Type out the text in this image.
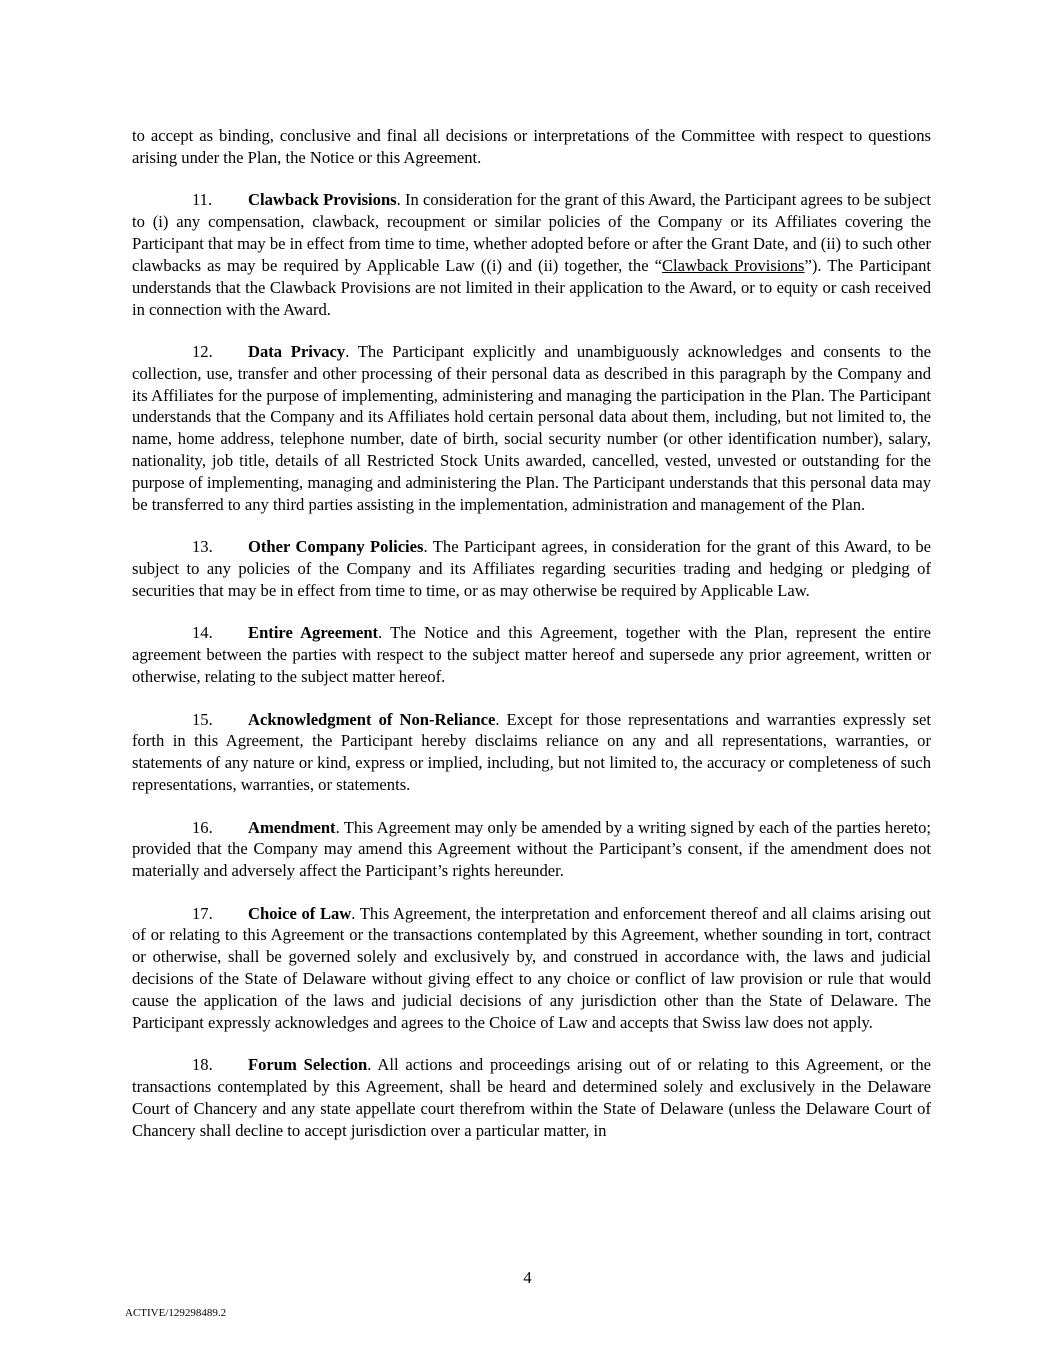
to accept as binding, conclusive and final all decisions or interpretations of the Committee with respect to questions arising under the Plan, the Notice or this Agreement.

11. Clawback Provisions. In consideration for the grant of this Award, the Participant agrees to be subject to (i) any compensation, clawback, recoupment or similar policies of the Company or its Affiliates covering the Participant that may be in effect from time to time, whether adopted before or after the Grant Date, and (ii) to such other clawbacks as may be required by Applicable Law ((i) and (ii) together, the “Clawback Provisions”). The Participant understands that the Clawback Provisions are not limited in their application to the Award, or to equity or cash received in connection with the Award.

12. Data Privacy. The Participant explicitly and unambiguously acknowledges and consents to the collection, use, transfer and other processing of their personal data as described in this paragraph by the Company and its Affiliates for the purpose of implementing, administering and managing the participation in the Plan. The Participant understands that the Company and its Affiliates hold certain personal data about them, including, but not limited to, the name, home address, telephone number, date of birth, social security number (or other identification number), salary, nationality, job title, details of all Restricted Stock Units awarded, cancelled, vested, unvested or outstanding for the purpose of implementing, managing and administering the Plan. The Participant understands that this personal data may be transferred to any third parties assisting in the implementation, administration and management of the Plan.

13. Other Company Policies. The Participant agrees, in consideration for the grant of this Award, to be subject to any policies of the Company and its Affiliates regarding securities trading and hedging or pledging of securities that may be in effect from time to time, or as may otherwise be required by Applicable Law.

14. Entire Agreement. The Notice and this Agreement, together with the Plan, represent the entire agreement between the parties with respect to the subject matter hereof and supersede any prior agreement, written or otherwise, relating to the subject matter hereof.

15. Acknowledgment of Non-Reliance. Except for those representations and warranties expressly set forth in this Agreement, the Participant hereby disclaims reliance on any and all representations, warranties, or statements of any nature or kind, express or implied, including, but not limited to, the accuracy or completeness of such representations, warranties, or statements.

16. Amendment. This Agreement may only be amended by a writing signed by each of the parties hereto; provided that the Company may amend this Agreement without the Participant’s consent, if the amendment does not materially and adversely affect the Participant’s rights hereunder.

17. Choice of Law. This Agreement, the interpretation and enforcement thereof and all claims arising out of or relating to this Agreement or the transactions contemplated by this Agreement, whether sounding in tort, contract or otherwise, shall be governed solely and exclusively by, and construed in accordance with, the laws and judicial decisions of the State of Delaware without giving effect to any choice or conflict of law provision or rule that would cause the application of the laws and judicial decisions of any jurisdiction other than the State of Delaware. The Participant expressly acknowledges and agrees to the Choice of Law and accepts that Swiss law does not apply.

18. Forum Selection. All actions and proceedings arising out of or relating to this Agreement, or the transactions contemplated by this Agreement, shall be heard and determined solely and exclusively in the Delaware Court of Chancery and any state appellate court therefrom within the State of Delaware (unless the Delaware Court of Chancery shall decline to accept jurisdiction over a particular matter, in

4
ACTIVE/129298489.2
